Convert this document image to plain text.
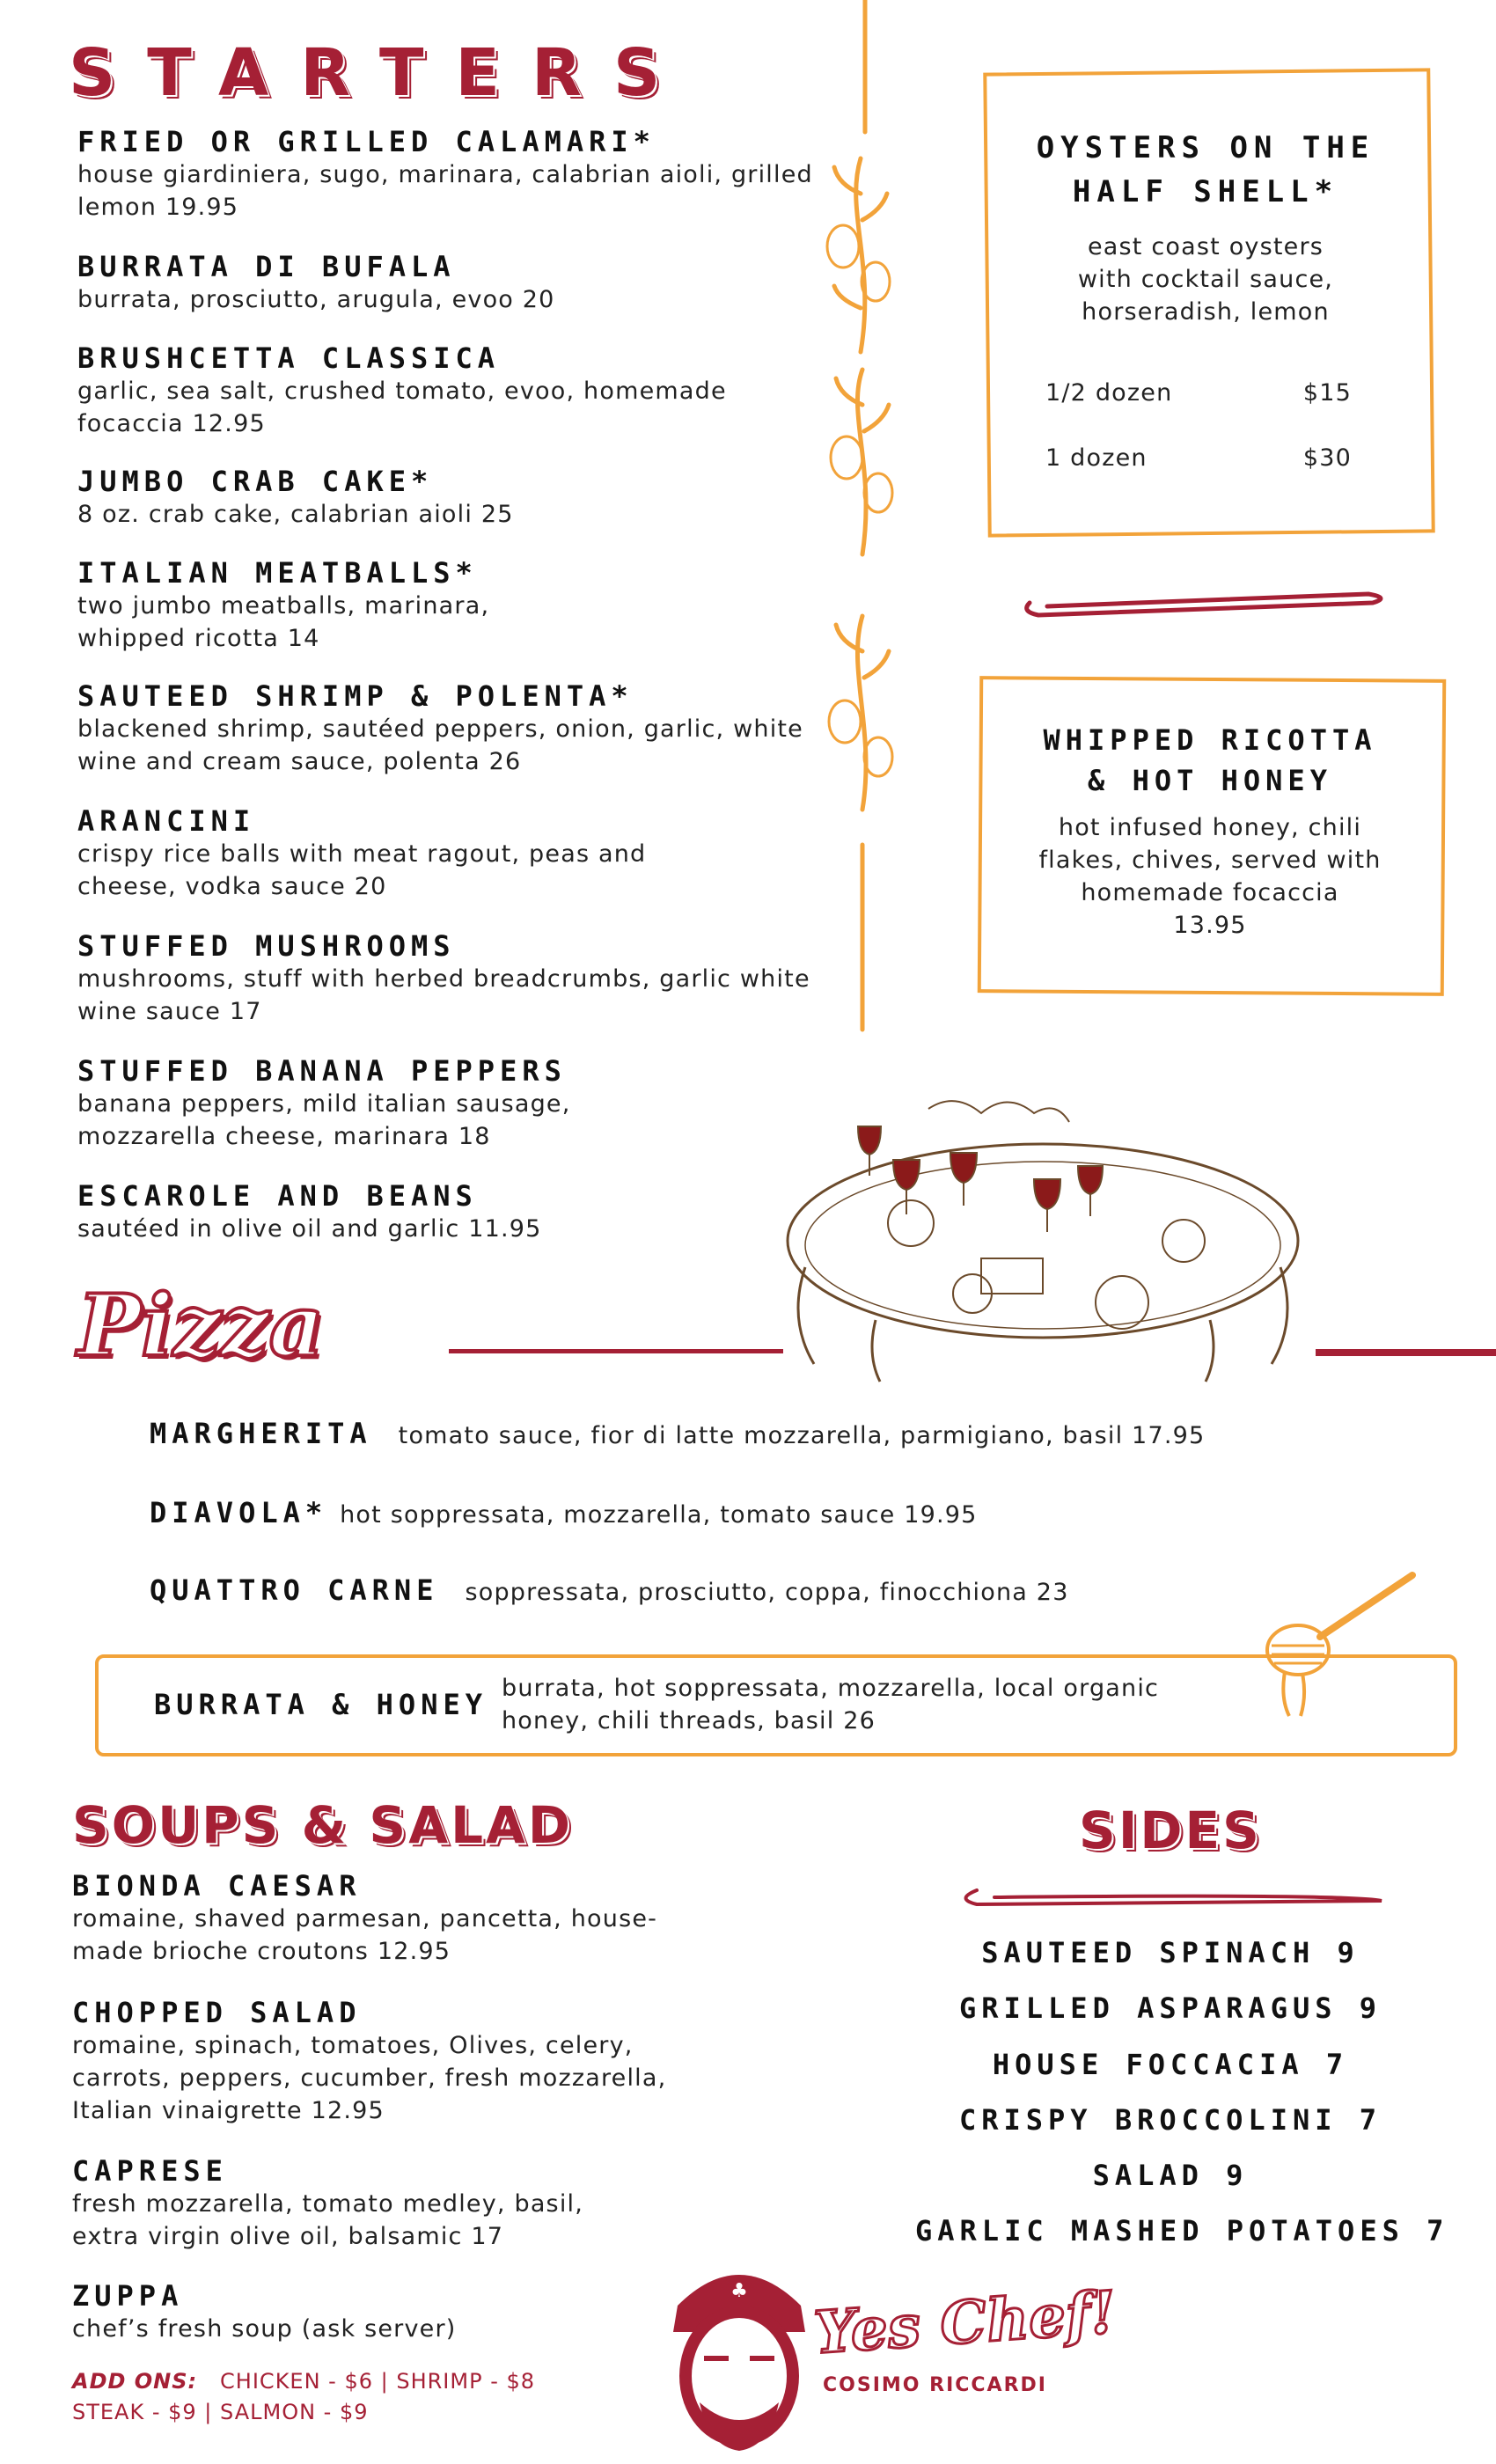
STARTERS
FRIED OR GRILLED CALAMARI*
house giardiniera, sugo, marinara, calabrian aioli, grilled lemon 19.95
BURRATA DI BUFALA
burrata, prosciutto, arugula, evoo 20
BRUSHCETTA CLASSICA
garlic, sea salt, crushed tomato, evoo, homemade focaccia 12.95
JUMBO CRAB CAKE*
8 oz. crab cake, calabrian aioli 25
ITALIAN MEATBALLS*
two jumbo meatballs, marinara, whipped ricotta 14
SAUTEED SHRIMP & POLENTA*
blackened shrimp, sautéed peppers, onion, garlic, white wine and cream sauce, polenta 26
ARANCINI
crispy rice balls with meat ragout, peas and cheese, vodka sauce 20
STUFFED MUSHROOMS
mushrooms, stuff with herbed breadcrumbs, garlic white wine sauce 17
STUFFED BANANA PEPPERS
banana peppers, mild italian sausage, mozzarella cheese, marinara 18
ESCAROLE AND BEANS
sautéed in olive oil and garlic 11.95
OYSTERS ON THE
HALF SHELL*
east coast oysters
with cocktail sauce,
horseradish, lemon
1/2 dozen	$15
1 dozen	$30
WHIPPED RICOTTA
& HOT HONEY
hot infused honey, chili
flakes, chives, served with
homemade focaccia
13.95
Pizza
MARGHERITA tomato sauce, fior di latte mozzarella, parmigiano, basil 17.95
DIAVOLA* hot soppressata, mozzarella, tomato sauce 19.95
QUATTRO CARNE soppressata, prosciutto, coppa, finocchiona 23
BURRATA & HONEY burrata, hot soppressata, mozzarella, local organic
honey, chili threads, basil 26
SOUPS & SALAD
BIONDA CAESAR
romaine, shaved parmesan, pancetta, house-
made brioche croutons 12.95
CHOPPED SALAD
romaine, spinach, tomatoes, Olives, celery,
carrots, peppers, cucumber, fresh mozzarella,
Italian vinaigrette 12.95
CAPRESE
fresh mozzarella, tomato medley, basil,
extra virgin olive oil, balsamic 17
ZUPPA
chef’s fresh soup (ask server)
ADD ONS: CHICKEN - $6 | SHRIMP - $8
STEAK - $9 | SALMON - $9
SIDES
SAUTEED SPINACH 9
GRILLED ASPARAGUS 9
HOUSE FOCCACIA 7
CRISPY BROCCOLINI 7
SALAD 9
GARLIC MASHED POTATOES 7
♣ Yes Chef!
COSIMO RICCARDI
